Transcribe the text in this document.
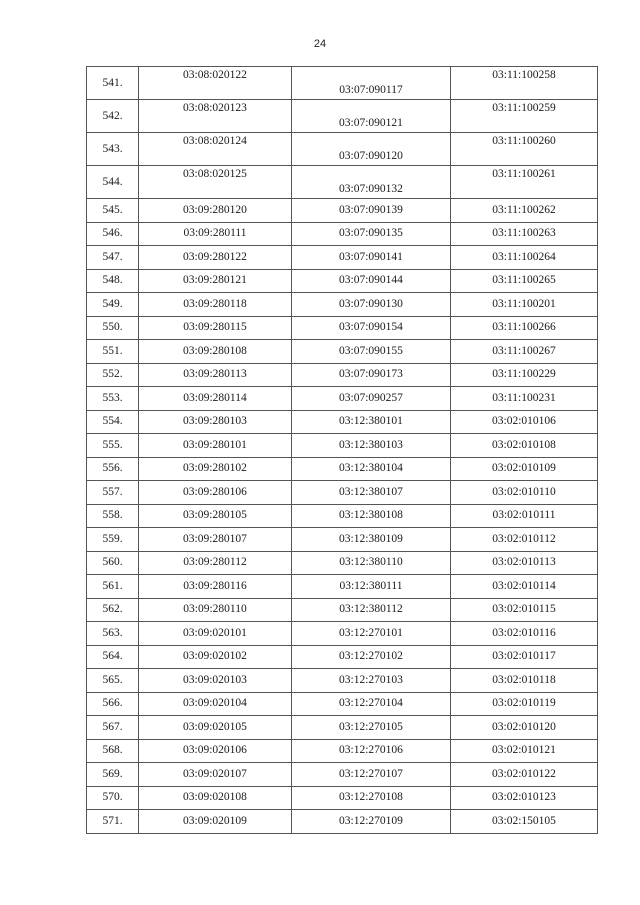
24
541.	03:08:020122	03:07:090117	03:11:100258
542.	03:08:020123	03:07:090121	03:11:100259
543.	03:08:020124	03:07:090120	03:11:100260
544.	03:08:020125	03:07:090132	03:11:100261
545.	03:09:280120	03:07:090139	03:11:100262
546.	03:09:280111	03:07:090135	03:11:100263
547.	03:09:280122	03:07:090141	03:11:100264
548.	03:09:280121	03:07:090144	03:11:100265
549.	03:09:280118	03:07:090130	03:11:100201
550.	03:09:280115	03:07:090154	03:11:100266
551.	03:09:280108	03:07:090155	03:11:100267
552.	03:09:280113	03:07:090173	03:11:100229
553.	03:09:280114	03:07:090257	03:11:100231
554.	03:09:280103	03:12:380101	03:02:010106
555.	03:09:280101	03:12:380103	03:02:010108
556.	03:09:280102	03:12:380104	03:02:010109
557.	03:09:280106	03:12:380107	03:02:010110
558.	03:09:280105	03:12:380108	03:02:010111
559.	03:09:280107	03:12:380109	03:02:010112
560.	03:09:280112	03:12:380110	03:02:010113
561.	03:09:280116	03:12:380111	03:02:010114
562.	03:09:280110	03:12:380112	03:02:010115
563.	03:09:020101	03:12:270101	03:02:010116
564.	03:09:020102	03:12:270102	03:02:010117
565.	03:09:020103	03:12:270103	03:02:010118
566.	03:09:020104	03:12:270104	03:02:010119
567.	03:09:020105	03:12:270105	03:02:010120
568.	03:09:020106	03:12:270106	03:02:010121
569.	03:09:020107	03:12:270107	03:02:010122
570.	03:09:020108	03:12:270108	03:02:010123
571.	03:09:020109	03:12:270109	03:02:150105
